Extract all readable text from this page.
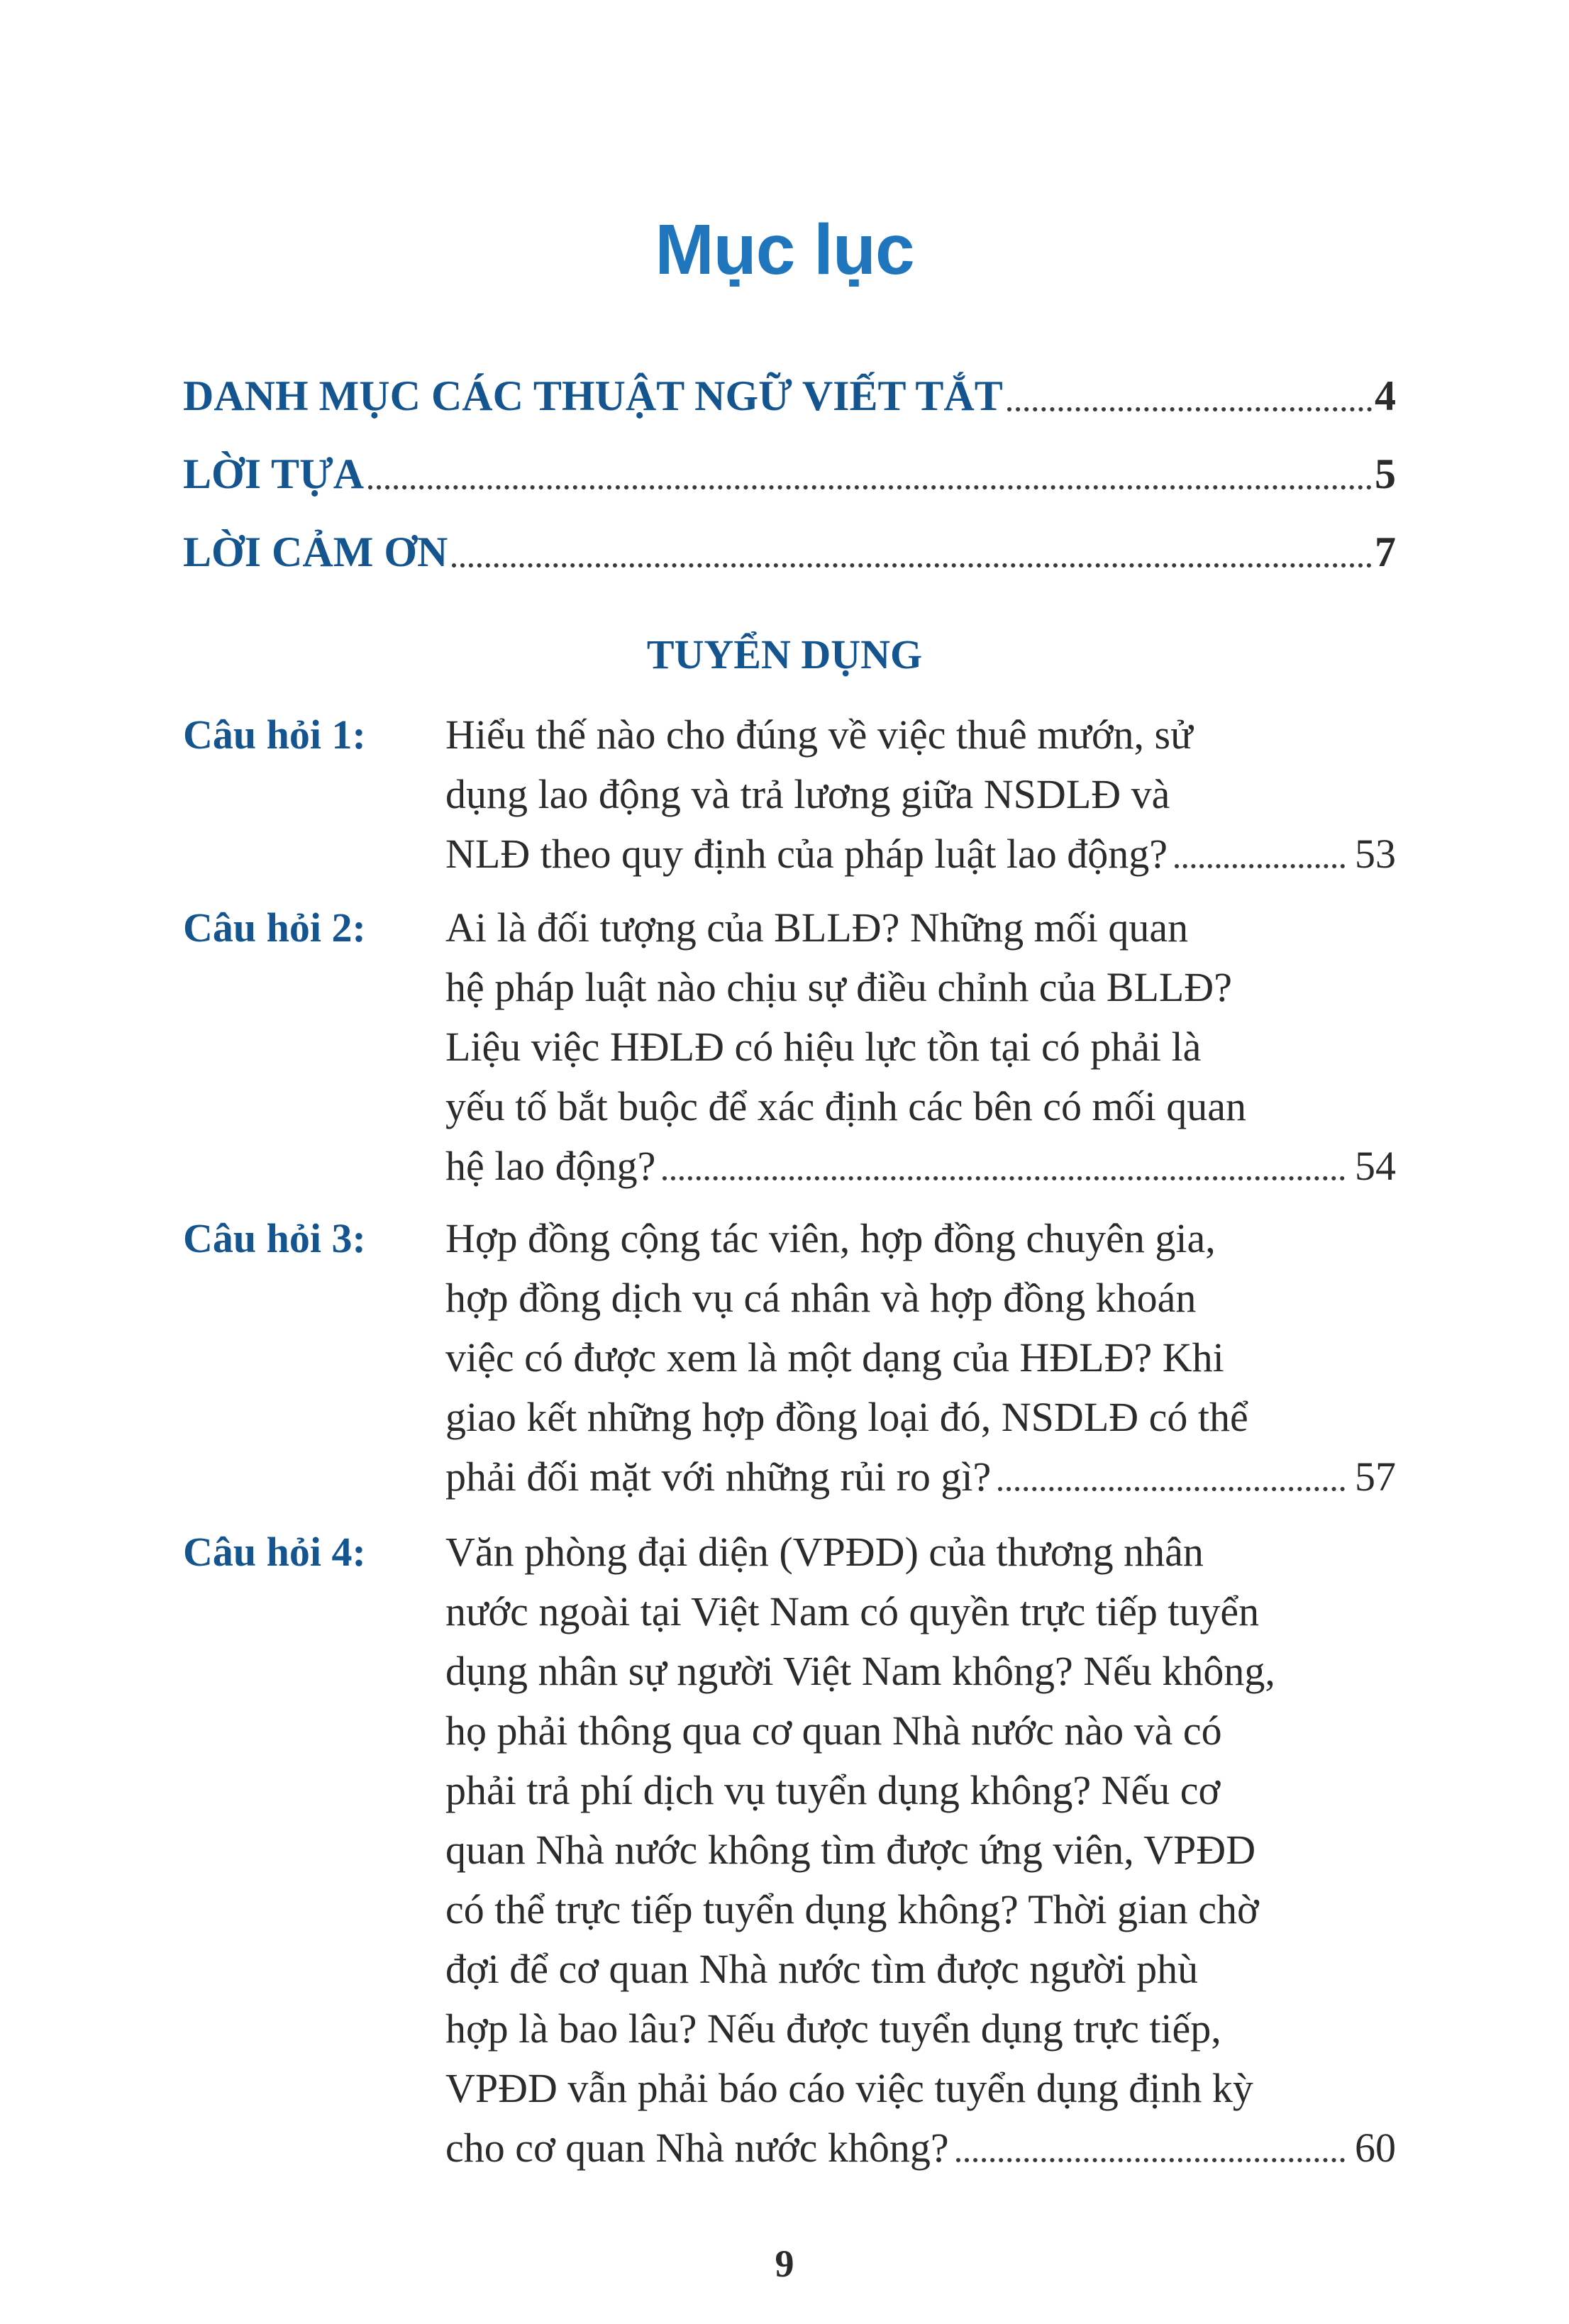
Mục lục
DANH MỤC CÁC THUẬT NGỮ VIẾT TẮT	4
LỜI TỰA	5
LỜI CẢM ƠN	7
TUYỂN DỤNG
Câu hỏi 1: Hiểu thế nào cho đúng về việc thuê mướn, sử
dụng lao động và trả lương giữa NSDLĐ và
NLĐ theo quy định của pháp luật lao động?	53
Câu hỏi 2: Ai là đối tượng của BLLĐ? Những mối quan
hệ pháp luật nào chịu sự điều chỉnh của BLLĐ?
Liệu việc HĐLĐ có hiệu lực tồn tại có phải là
yếu tố bắt buộc để xác định các bên có mối quan
hệ lao động?	54
Câu hỏi 3: Hợp đồng cộng tác viên, hợp đồng chuyên gia,
hợp đồng dịch vụ cá nhân và hợp đồng khoán
việc có được xem là một dạng của HĐLĐ? Khi
giao kết những hợp đồng loại đó, NSDLĐ có thể
phải đối mặt với những rủi ro gì?	57
Câu hỏi 4: Văn phòng đại diện (VPĐD) của thương nhân
nước ngoài tại Việt Nam có quyền trực tiếp tuyển
dụng nhân sự người Việt Nam không? Nếu không,
họ phải thông qua cơ quan Nhà nước nào và có
phải trả phí dịch vụ tuyển dụng không? Nếu cơ
quan Nhà nước không tìm được ứng viên, VPĐD
có thể trực tiếp tuyển dụng không? Thời gian chờ
đợi để cơ quan Nhà nước tìm được người phù
hợp là bao lâu? Nếu được tuyển dụng trực tiếp,
VPĐD vẫn phải báo cáo việc tuyển dụng định kỳ
cho cơ quan Nhà nước không?	60
9
